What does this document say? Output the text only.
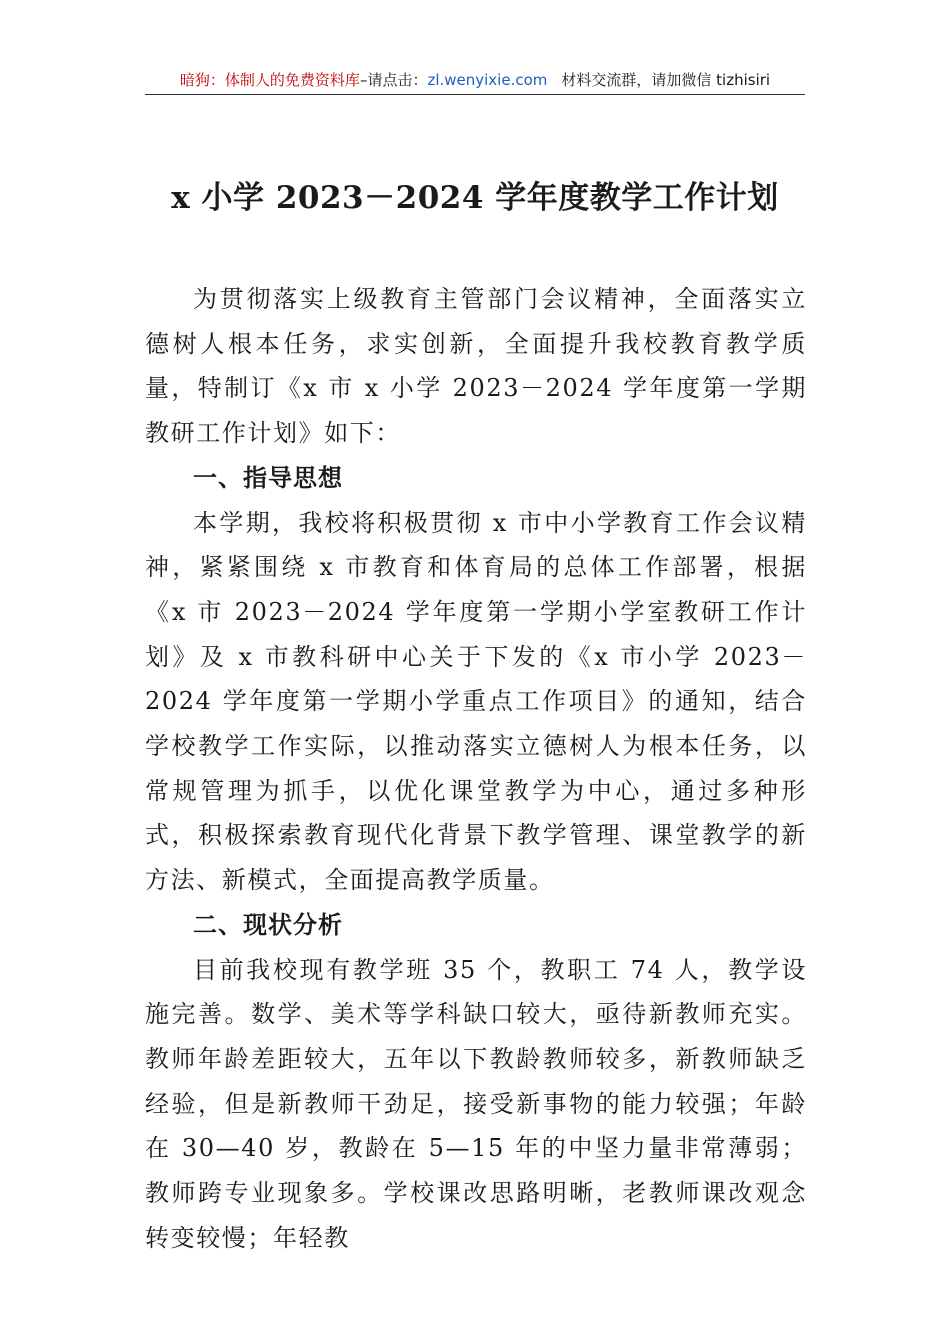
暗狗：体制人的免费资料库–请点击：zl.wenyixie.com 材料交流群，请加微信 tizhisiri
x 小学 2023－2024 学年度教学工作计划

为贯彻落实上级教育主管部门会议精神，全面落实立德树人根本任务，求实创新，全面提升我校教育教学质量，特制订《x 市 x 小学 2023－2024 学年度第一学期教研工作计划》如下：

一、指导思想

本学期，我校将积极贯彻 x 市中小学教育工作会议精神，紧紧围绕 x 市教育和体育局的总体工作部署，根据《x 市 2023－2024 学年度第一学期小学室教研工作计划》及 x 市教科研中心关于下发的《x 市小学 2023－2024 学年度第一学期小学重点工作项目》的通知，结合学校教学工作实际，以推动落实立德树人为根本任务，以常规管理为抓手，以优化课堂教学为中心，通过多种形式，积极探索教育现代化背景下教学管理、课堂教学的新方法、新模式，全面提高教学质量。

二、现状分析

目前我校现有教学班 35 个，教职工 74 人，教学设施完善。数学、美术等学科缺口较大，亟待新教师充实。教师年龄差距较大，五年以下教龄教师较多，新教师缺乏经验，但是新教师干劲足，接受新事物的能力较强；年龄在 30—40 岁，教龄在 5—15 年的中坚力量非常薄弱；教师跨专业现象多。学校课改思路明晰，老教师课改观念转变较慢；年轻教
